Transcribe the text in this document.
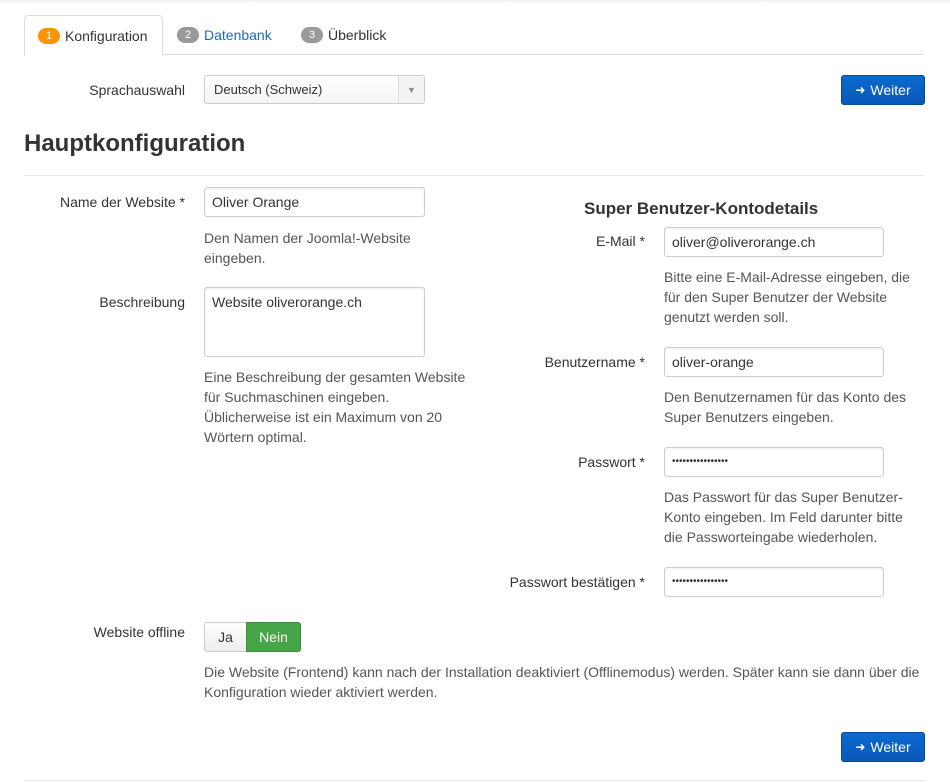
1 Konfiguration	2 Datenbank	3 Überblick
Sprachauswahl	Deutsch (Schweiz)	▼	➜ Weiter
Hauptkonfiguration
Name der Website *	Oliver Orange
Den Namen der Joomla!-Website eingeben.
Beschreibung	Website oliverorange.ch
Eine Beschreibung der gesamten Website für Suchmaschinen eingeben. Üblicherweise ist ein Maximum von 20 Wörtern optimal.
Super Benutzer-Kontodetails
E-Mail *	oliver@oliverorange.ch
Bitte eine E-Mail-Adresse eingeben, die für den Super Benutzer der Website genutzt werden soll.
Benutzername *	oliver-orange
Den Benutzernamen für das Konto des Super Benutzers eingeben.
Passwort *	••••••••••••••••
Das Passwort für das Super Benutzer-Konto eingeben. Im Feld darunter bitte die Passworteingabe wiederholen.
Passwort bestätigen *	••••••••••••••••
Website offline	Ja	Nein
Die Website (Frontend) kann nach der Installation deaktiviert (Offlinemodus) werden. Später kann sie dann über die Konfiguration wieder aktiviert werden.
➜ Weiter
